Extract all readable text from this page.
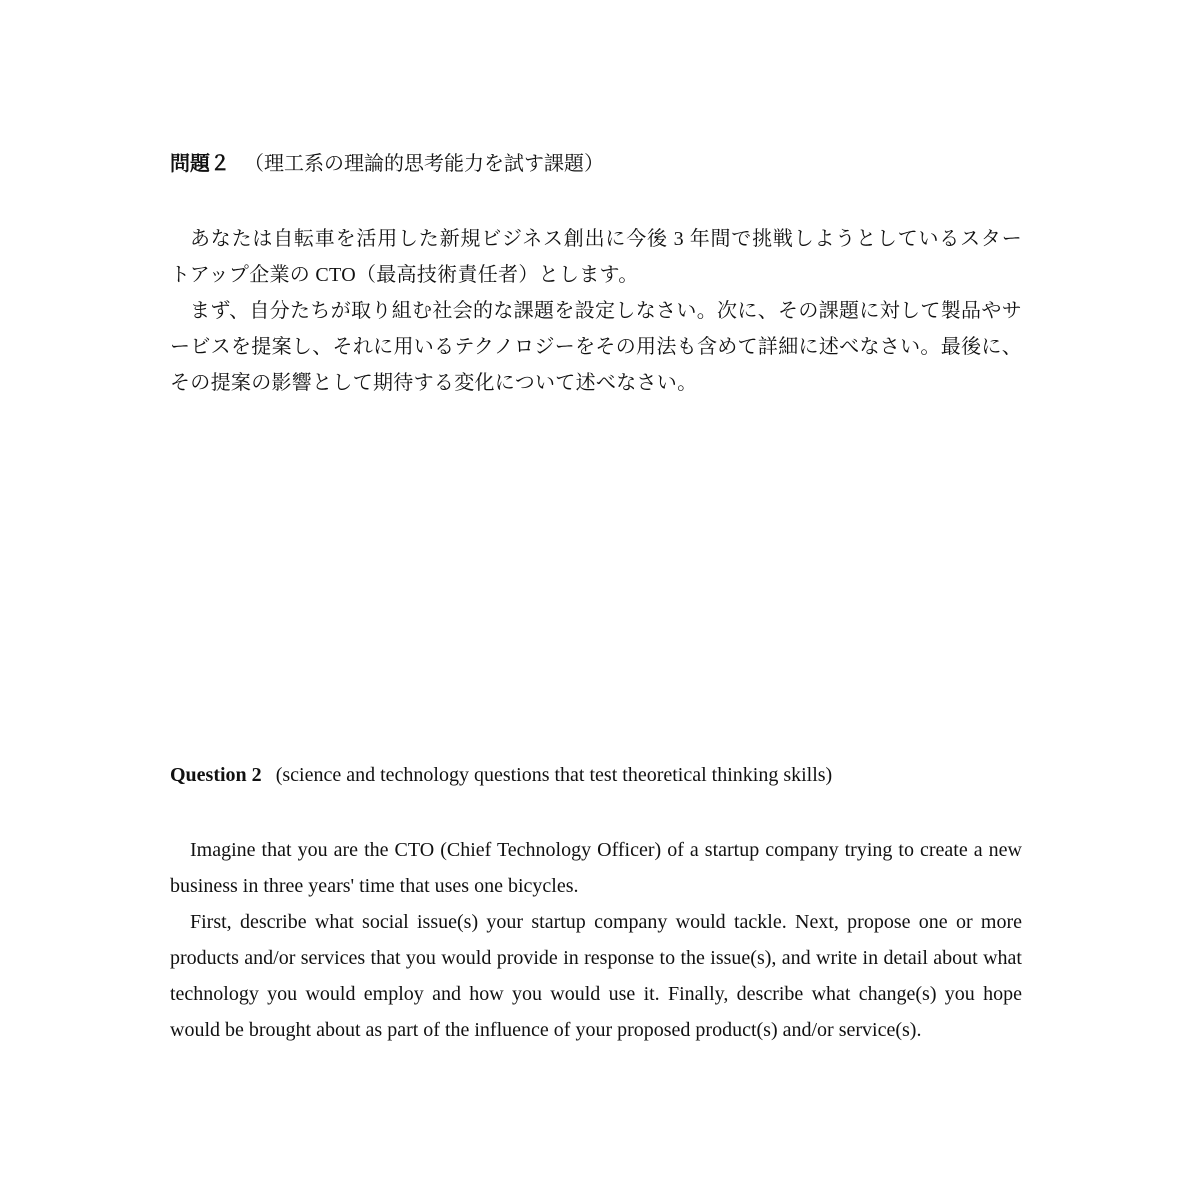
問題２ （理工系の理論的思考能力を試す課題）

あなたは自転車を活用した新規ビジネス創出に今後 3 年間で挑戦しようとしているスタートアップ企業の CTO（最高技術責任者）とします。

まず、自分たちが取り組む社会的な課題を設定しなさい。次に、その課題に対して製品やサービスを提案し、それに用いるテクノロジーをその用法も含めて詳細に述べなさい。最後に、その提案の影響として期待する変化について述べなさい。

Question 2 (science and technology questions that test theoretical thinking skills)

Imagine that you are the CTO (Chief Technology Officer) of a startup company trying to create a new business in three years' time that uses one bicycles.

First, describe what social issue(s) your startup company would tackle. Next, propose one or more products and/or services that you would provide in response to the issue(s), and write in detail about what technology you would employ and how you would use it. Finally, describe what change(s) you hope would be brought about as part of the influence of your proposed product(s) and/or service(s).
